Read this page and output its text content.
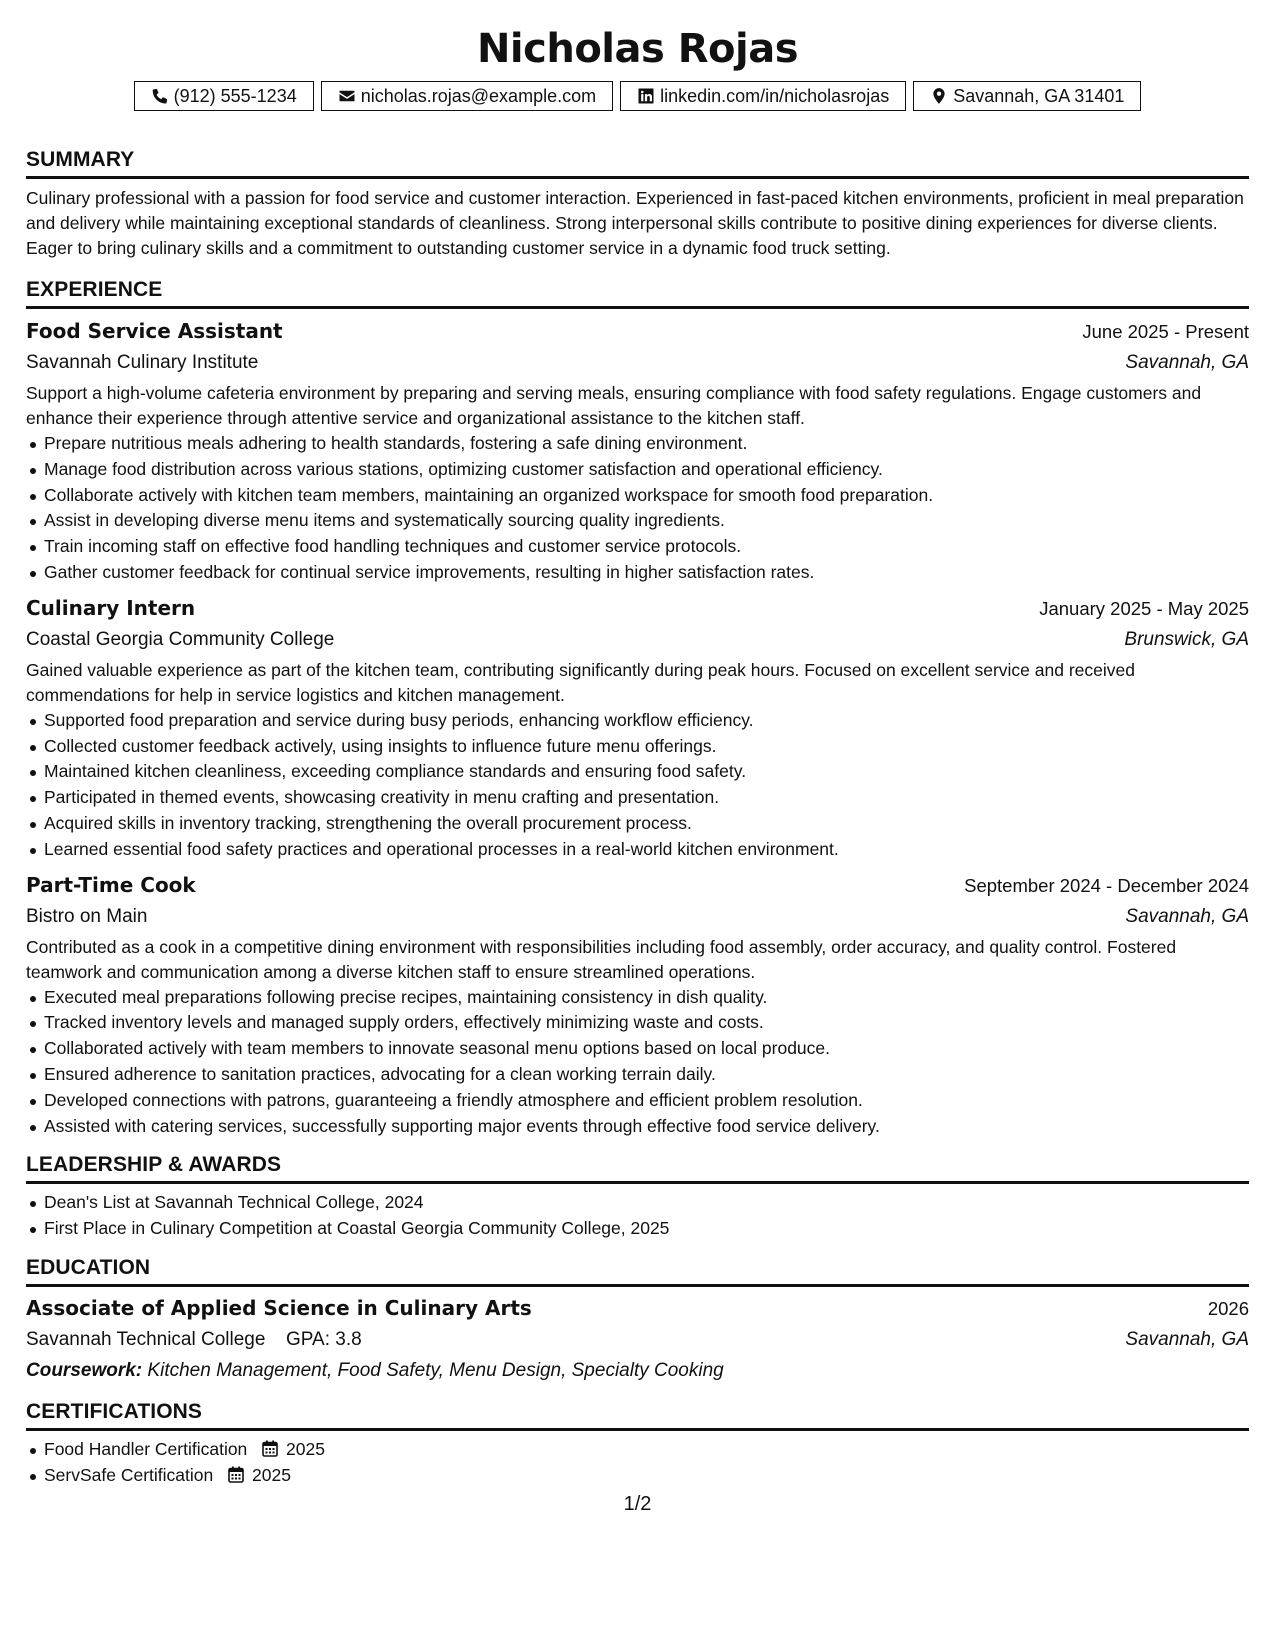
Nicholas Rojas
(912) 555-1234	nicholas.rojas@example.com	linkedin.com/in/nicholasrojas	Savannah, GA 31401
SUMMARY
Culinary professional with a passion for food service and customer interaction. Experienced in fast-paced kitchen environments, proficient in meal preparation and delivery while maintaining exceptional standards of cleanliness. Strong interpersonal skills contribute to positive dining experiences for diverse clients. Eager to bring culinary skills and a commitment to outstanding customer service in a dynamic food truck setting.
EXPERIENCE
Food Service Assistant	June 2025 - Present
Savannah Culinary Institute	Savannah, GA
Support a high-volume cafeteria environment by preparing and serving meals, ensuring compliance with food safety regulations. Engage customers and enhance their experience through attentive service and organizational assistance to the kitchen staff.
Prepare nutritious meals adhering to health standards, fostering a safe dining environment.
Manage food distribution across various stations, optimizing customer satisfaction and operational efficiency.
Collaborate actively with kitchen team members, maintaining an organized workspace for smooth food preparation.
Assist in developing diverse menu items and systematically sourcing quality ingredients.
Train incoming staff on effective food handling techniques and customer service protocols.
Gather customer feedback for continual service improvements, resulting in higher satisfaction rates.
Culinary Intern	January 2025 - May 2025
Coastal Georgia Community College	Brunswick, GA
Gained valuable experience as part of the kitchen team, contributing significantly during peak hours. Focused on excellent service and received commendations for help in service logistics and kitchen management.
Supported food preparation and service during busy periods, enhancing workflow efficiency.
Collected customer feedback actively, using insights to influence future menu offerings.
Maintained kitchen cleanliness, exceeding compliance standards and ensuring food safety.
Participated in themed events, showcasing creativity in menu crafting and presentation.
Acquired skills in inventory tracking, strengthening the overall procurement process.
Learned essential food safety practices and operational processes in a real-world kitchen environment.
Part-Time Cook	September 2024 - December 2024
Bistro on Main	Savannah, GA
Contributed as a cook in a competitive dining environment with responsibilities including food assembly, order accuracy, and quality control. Fostered teamwork and communication among a diverse kitchen staff to ensure streamlined operations.
Executed meal preparations following precise recipes, maintaining consistency in dish quality.
Tracked inventory levels and managed supply orders, effectively minimizing waste and costs.
Collaborated actively with team members to innovate seasonal menu options based on local produce.
Ensured adherence to sanitation practices, advocating for a clean working terrain daily.
Developed connections with patrons, guaranteeing a friendly atmosphere and efficient problem resolution.
Assisted with catering services, successfully supporting major events through effective food service delivery.
LEADERSHIP & AWARDS
Dean's List at Savannah Technical College, 2024
First Place in Culinary Competition at Coastal Georgia Community College, 2025
EDUCATION
Associate of Applied Science in Culinary Arts	2026
Savannah Technical College GPA: 3.8	Savannah, GA
Coursework: Kitchen Management, Food Safety, Menu Design, Specialty Cooking
CERTIFICATIONS
Food Handler Certification 2025
ServSafe Certification 2025
1/2
